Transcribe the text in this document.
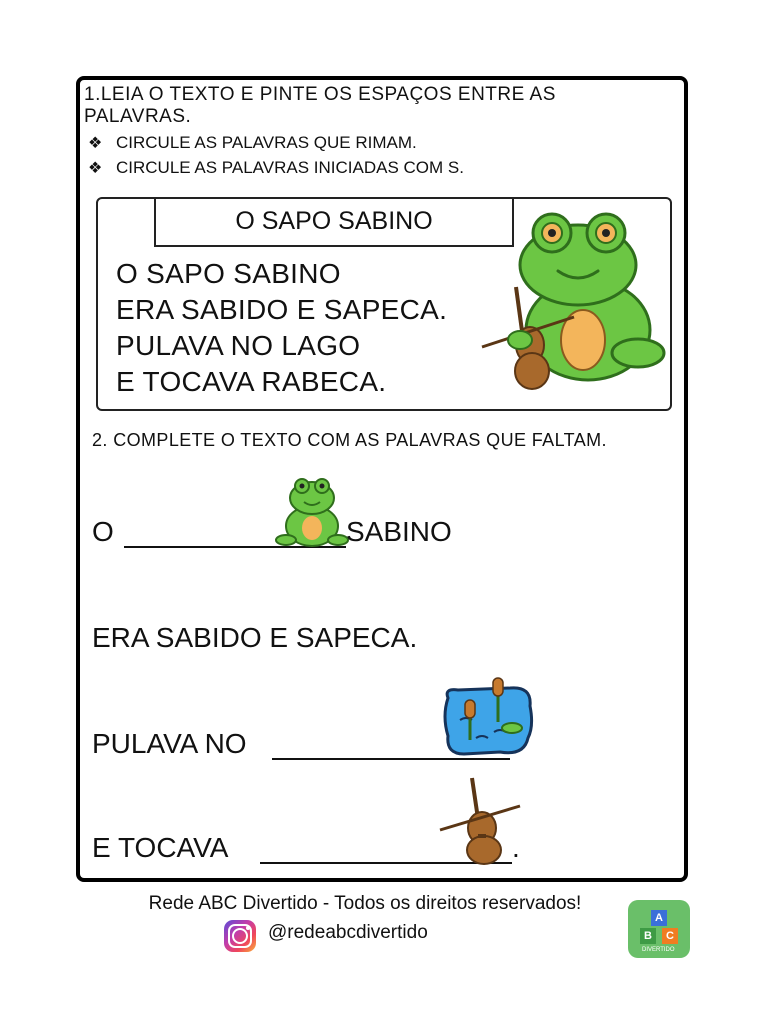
1.LEIA O TEXTO E PINTE OS ESPAÇOS ENTRE AS
PALAVRAS.
❖ CIRCULE AS PALAVRAS QUE RIMAM.
❖ CIRCULE AS PALAVRAS INICIADAS COM S.
O SAPO SABINO
O SAPO SABINO
ERA SABIDO E SAPECA.
PULAVA NO LAGO
E TOCAVA RABECA.
2. COMPLETE O TEXTO COM AS PALAVRAS QUE FALTAM.
O	SABINO
ERA SABIDO E SAPECA.
PULAVA NO
E TOCAVA	.
Rede ABC Divertido - Todos os direitos reservados!
@redeabcdivertido
A
B	C
DIVERTIDO
